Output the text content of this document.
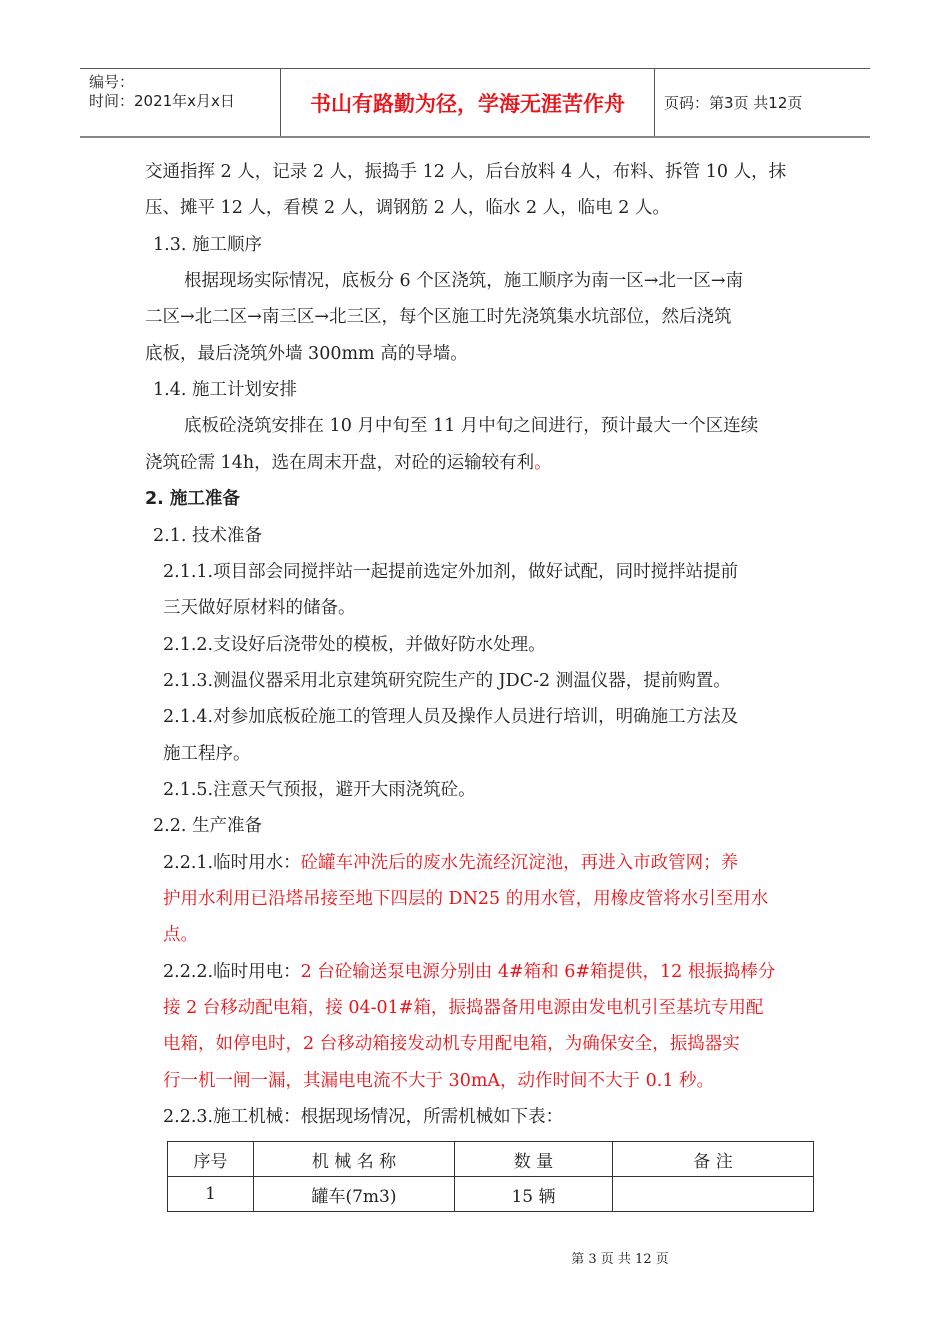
编号：
时间：2021年x月x日	书山有路勤为径，学海无涯苦作舟	页码：第3页 共12页
交通指挥 2 人，记录 2 人，振捣手 12 人，后台放料 4 人，布料、拆管 10 人，抹
压、摊平 12 人，看模 2 人，调钢筋 2 人，临水 2 人，临电 2 人。
1.3. 施工顺序
根据现场实际情况，底板分 6 个区浇筑，施工顺序为南一区→北一区→南
二区→北二区→南三区→北三区，每个区施工时先浇筑集水坑部位，然后浇筑
底板，最后浇筑外墙 300mm 高的导墙。
1.4. 施工计划安排
底板砼浇筑安排在 10 月中旬至 11 月中旬之间进行，预计最大一个区连续
浇筑砼需 14h，选在周末开盘，对砼的运输较有利。
2. 施工准备
2.1. 技术准备
2.1.1.项目部会同搅拌站一起提前选定外加剂，做好试配，同时搅拌站提前
三天做好原材料的储备。
2.1.2.支设好后浇带处的模板，并做好防水处理。
2.1.3.测温仪器采用北京建筑研究院生产的 JDC-2 测温仪器，提前购置。
2.1.4.对参加底板砼施工的管理人员及操作人员进行培训，明确施工方法及
施工程序。
2.1.5.注意天气预报，避开大雨浇筑砼。
2.2. 生产准备
2.2.1.临时用水：砼罐车冲洗后的废水先流经沉淀池，再进入市政管网；养
护用水利用已沿塔吊接至地下四层的 DN25 的用水管，用橡皮管将水引至用水
点。
2.2.2.临时用电：2 台砼输送泵电源分别由 4#箱和 6#箱提供，12 根振捣棒分
接 2 台移动配电箱，接 04-01#箱，振捣器备用电源由发电机引至基坑专用配
电箱，如停电时，2 台移动箱接发动机专用配电箱，为确保安全，振捣器实
行一机一闸一漏，其漏电电流不大于 30mA，动作时间不大于 0.1 秒。
2.2.3.施工机械：根据现场情况，所需机械如下表：
序号	机 械 名 称	数 量	备 注
1	罐车(7m3)	15 辆	
第 3 页 共 12 页
